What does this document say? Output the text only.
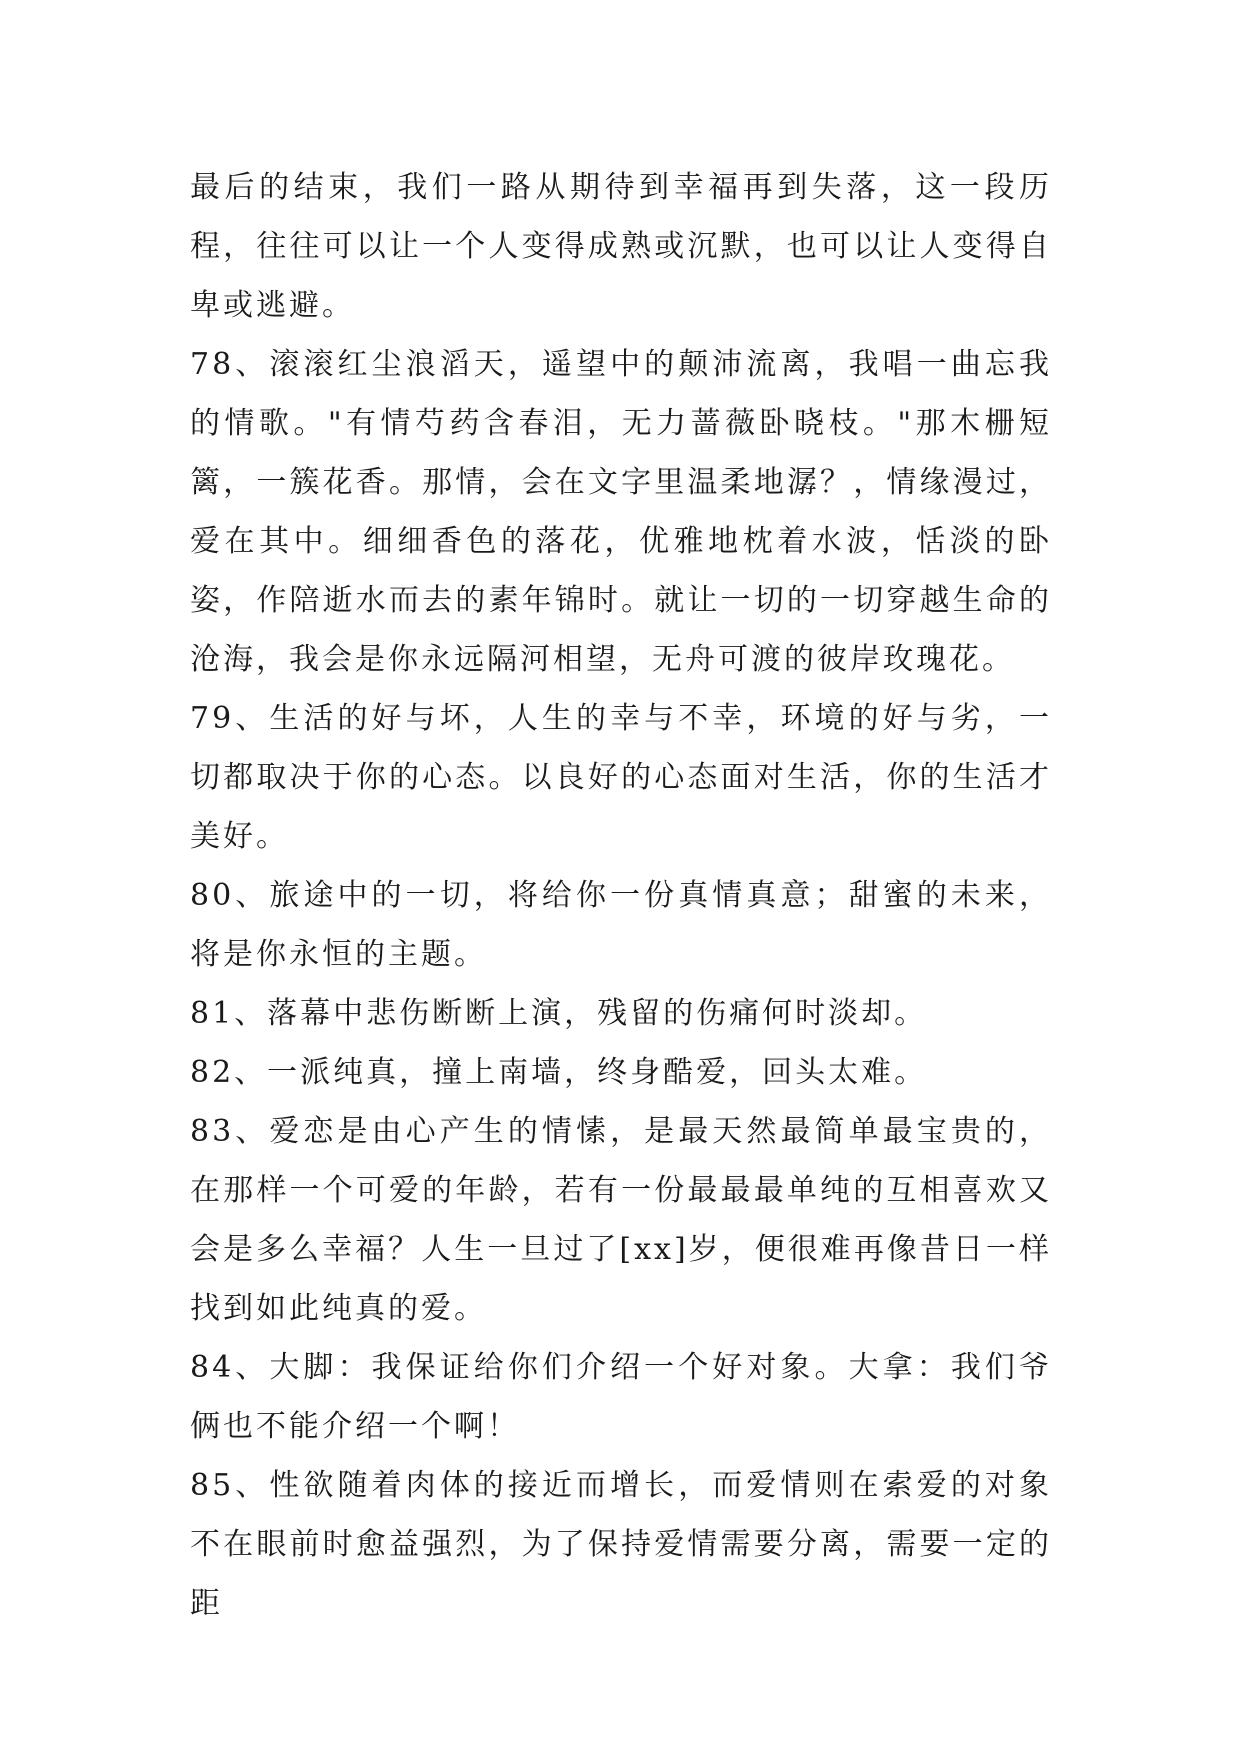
最后的结束，我们一路从期待到幸福再到失落，这一段历程，往往可以让一个人变得成熟或沉默，也可以让人变得自卑或逃避。

78、滚滚红尘浪滔天，遥望中的颠沛流离，我唱一曲忘我的情歌。"有情芍药含春泪，无力蔷薇卧晓枝。"那木栅短篱，一簇花香。那情，会在文字里温柔地潺？，情缘漫过，爱在其中。细细香色的落花，优雅地枕着水波，恬淡的卧姿，作陪逝水而去的素年锦时。就让一切的一切穿越生命的沧海，我会是你永远隔河相望，无舟可渡的彼岸玫瑰花。

79、生活的好与坏，人生的幸与不幸，环境的好与劣，一切都取决于你的心态。以良好的心态面对生活，你的生活才美好。

80、旅途中的一切，将给你一份真情真意；甜蜜的未来，将是你永恒的主题。

81、落幕中悲伤断断上演，残留的伤痛何时淡却。

82、一派纯真，撞上南墙，终身酷爱，回头太难。

83、爱恋是由心产生的情愫，是最天然最简单最宝贵的，在那样一个可爱的年龄，若有一份最最最单纯的互相喜欢又会是多么幸福？人生一旦过了[xx]岁，便很难再像昔日一样找到如此纯真的爱。

84、大脚：我保证给你们介绍一个好对象。大拿：我们爷俩也不能介绍一个啊！

85、性欲随着肉体的接近而增长，而爱情则在索爱的对象不在眼前时愈益强烈，为了保持爱情需要分离，需要一定的距
